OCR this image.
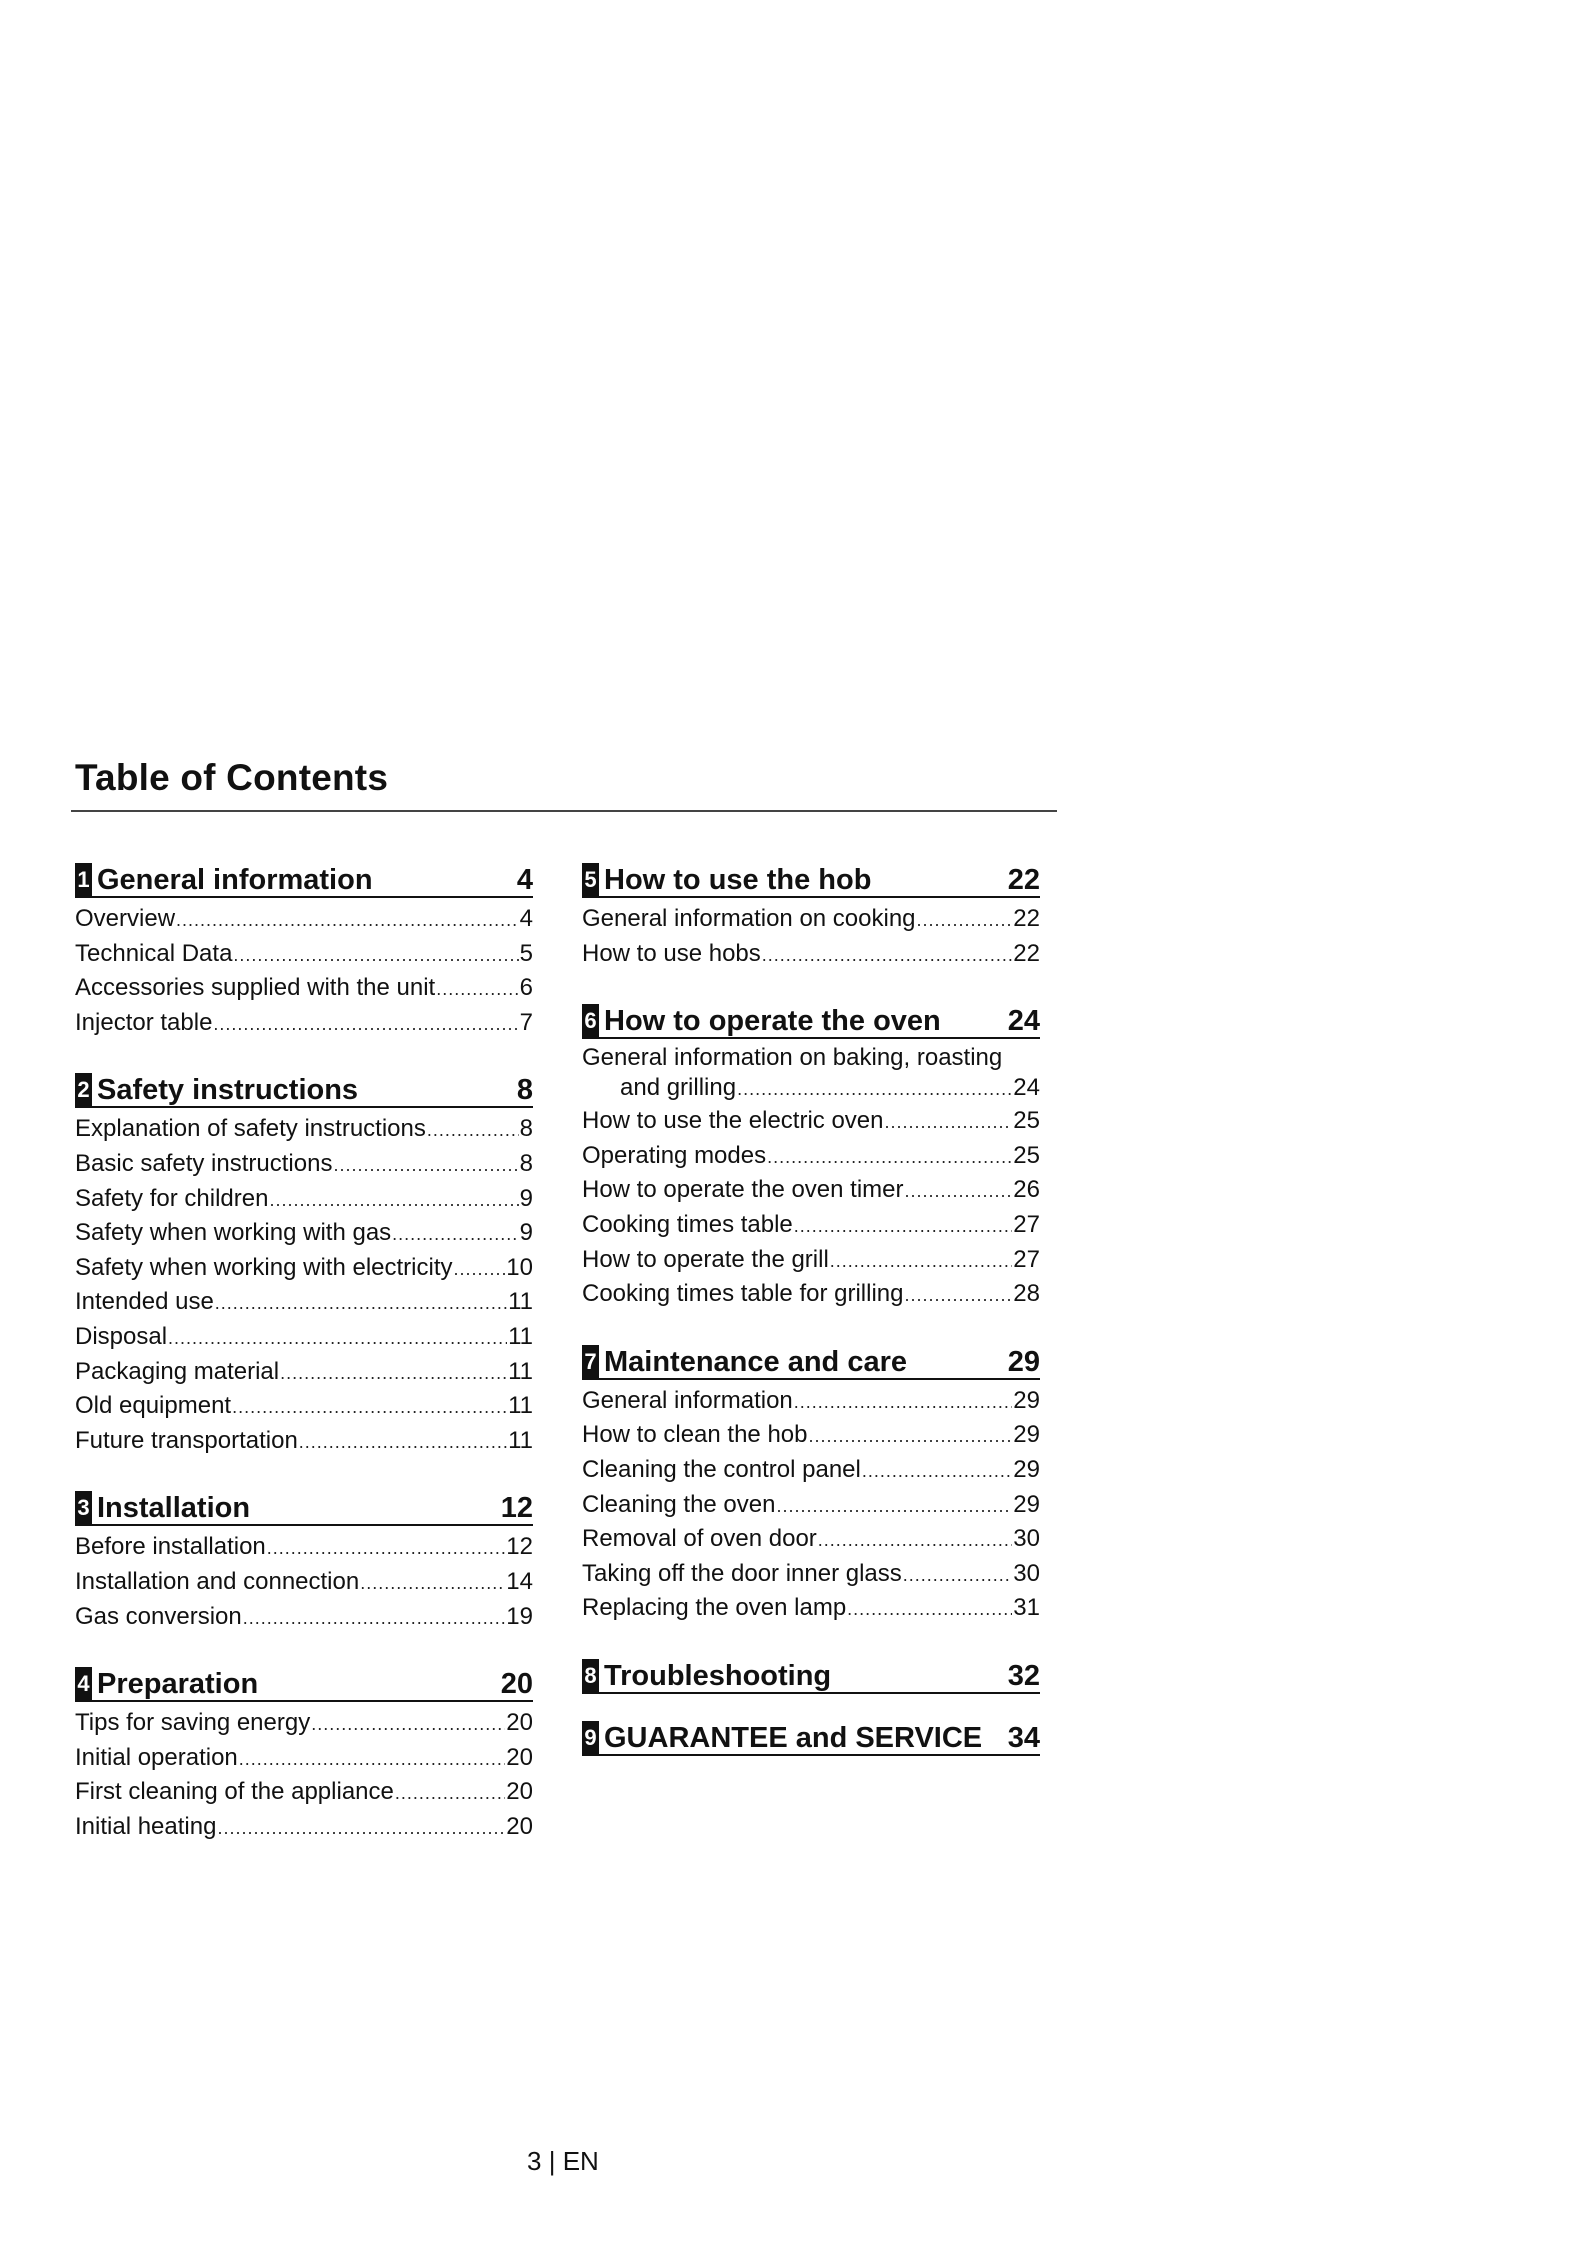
Table of Contents
1 General information	4
Overview .....	4
Technical Data .....	5
Accessories supplied with the unit .....	6
Injector table .....	7
2 Safety instructions	8
Explanation of safety instructions .....	8
Basic safety instructions .....	8
Safety for children .....	9
Safety when working with gas .....	9
Safety when working with electricity ..... 10
Intended use .....	11
Disposal .....	11
Packaging material .....	11
Old equipment .....	11
Future transportation .....	11
3 Installation	12
Before installation .....	12
Installation and connection .....	14
Gas conversion .....	19
4 Preparation	20
Tips for saving energy .....	20
Initial operation .....	20
First cleaning of the appliance .....	20
Initial heating .....	20
5 How to use the hob	22
General information on cooking .....	22
How to use hobs .....	22
6 How to operate the oven	24
General information on baking, roasting
and grilling .....	24
How to use the electric oven .....	25
Operating modes .....	25
How to operate the oven timer .....	26
Cooking times table .....	27
How to operate the grill .....	27
Cooking times table for grilling .....	28
7 Maintenance and care	29
General information .....	29
How to clean the hob .....	29
Cleaning the control panel .....	29
Cleaning the oven .....	29
Removal of oven door .....	30
Taking off the door inner glass .....	30
Replacing the oven lamp .....	31
8 Troubleshooting	32
9 GUARANTEE and SERVICE 34
3 | EN
